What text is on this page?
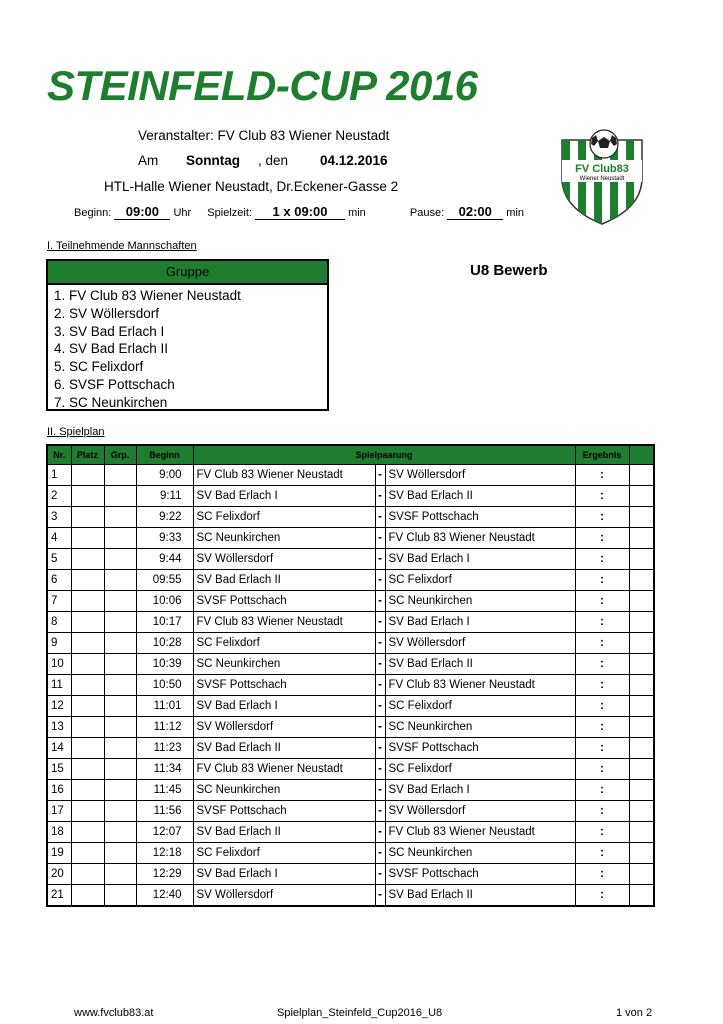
STEINFELD-CUP 2016
Veranstalter: FV Club 83 Wiener Neustadt
Am Sonntag , den 04.12.2016
HTL-Halle Wiener Neustadt, Dr.Eckener-Gasse 2
Beginn: 09:00 Uhr Spielzeit: 1 x 09:00 min	Pause: 02:00 min
FV Club83
Wiener Neustadt
I. Teilnehmende Mannschaften
Gruppe
1. FV Club 83 Wiener Neustadt
2. SV Wöllersdorf
3. SV Bad Erlach I
4. SV Bad Erlach II
5. SC Felixdorf
6. SVSF Pottschach
7. SC Neunkirchen
U8 Bewerb
II. Spielplan
Nr.	Platz	Grp.	Beginn	Spielpaarung			Ergebnis			
1			9:00	FV Club 83 Wiener Neustadt	-	SV Wöllersdorf		:		
2			9:11	SV Bad Erlach I	-	SV Bad Erlach II		:		
3			9:22	SC Felixdorf	-	SVSF Pottschach		:		
4			9:33	SC Neunkirchen	-	FV Club 83 Wiener Neustadt		:		
5			9:44	SV Wöllersdorf	-	SV Bad Erlach I		:		
6			09:55	SV Bad Erlach II	-	SC Felixdorf		:		
7			10:06	SVSF Pottschach	-	SC Neunkirchen		:		
8			10:17	FV Club 83 Wiener Neustadt	-	SV Bad Erlach I		:		
9			10:28	SC Felixdorf	-	SV Wöllersdorf		:		
10			10:39	SC Neunkirchen	-	SV Bad Erlach II		:		
11			10:50	SVSF Pottschach	-	FV Club 83 Wiener Neustadt		:		
12			11:01	SV Bad Erlach I	-	SC Felixdorf		:		
13			11:12	SV Wöllersdorf	-	SC Neunkirchen		:		
14			11:23	SV Bad Erlach II	-	SVSF Pottschach		:		
15			11:34	FV Club 83 Wiener Neustadt	-	SC Felixdorf		:		
16			11:45	SC Neunkirchen	-	SV Bad Erlach I		:		
17			11:56	SVSF Pottschach	-	SV Wöllersdorf		:		
18			12:07	SV Bad Erlach II	-	FV Club 83 Wiener Neustadt		:		
19			12:18	SC Felixdorf	-	SC Neunkirchen		:		
20			12:29	SV Bad Erlach I	-	SVSF Pottschach		:		
21			12:40	SV Wöllersdorf	-	SV Bad Erlach II		:		
www.fvclub83.at	Spielplan_Steinfeld_Cup2016_U8	1 von 2
